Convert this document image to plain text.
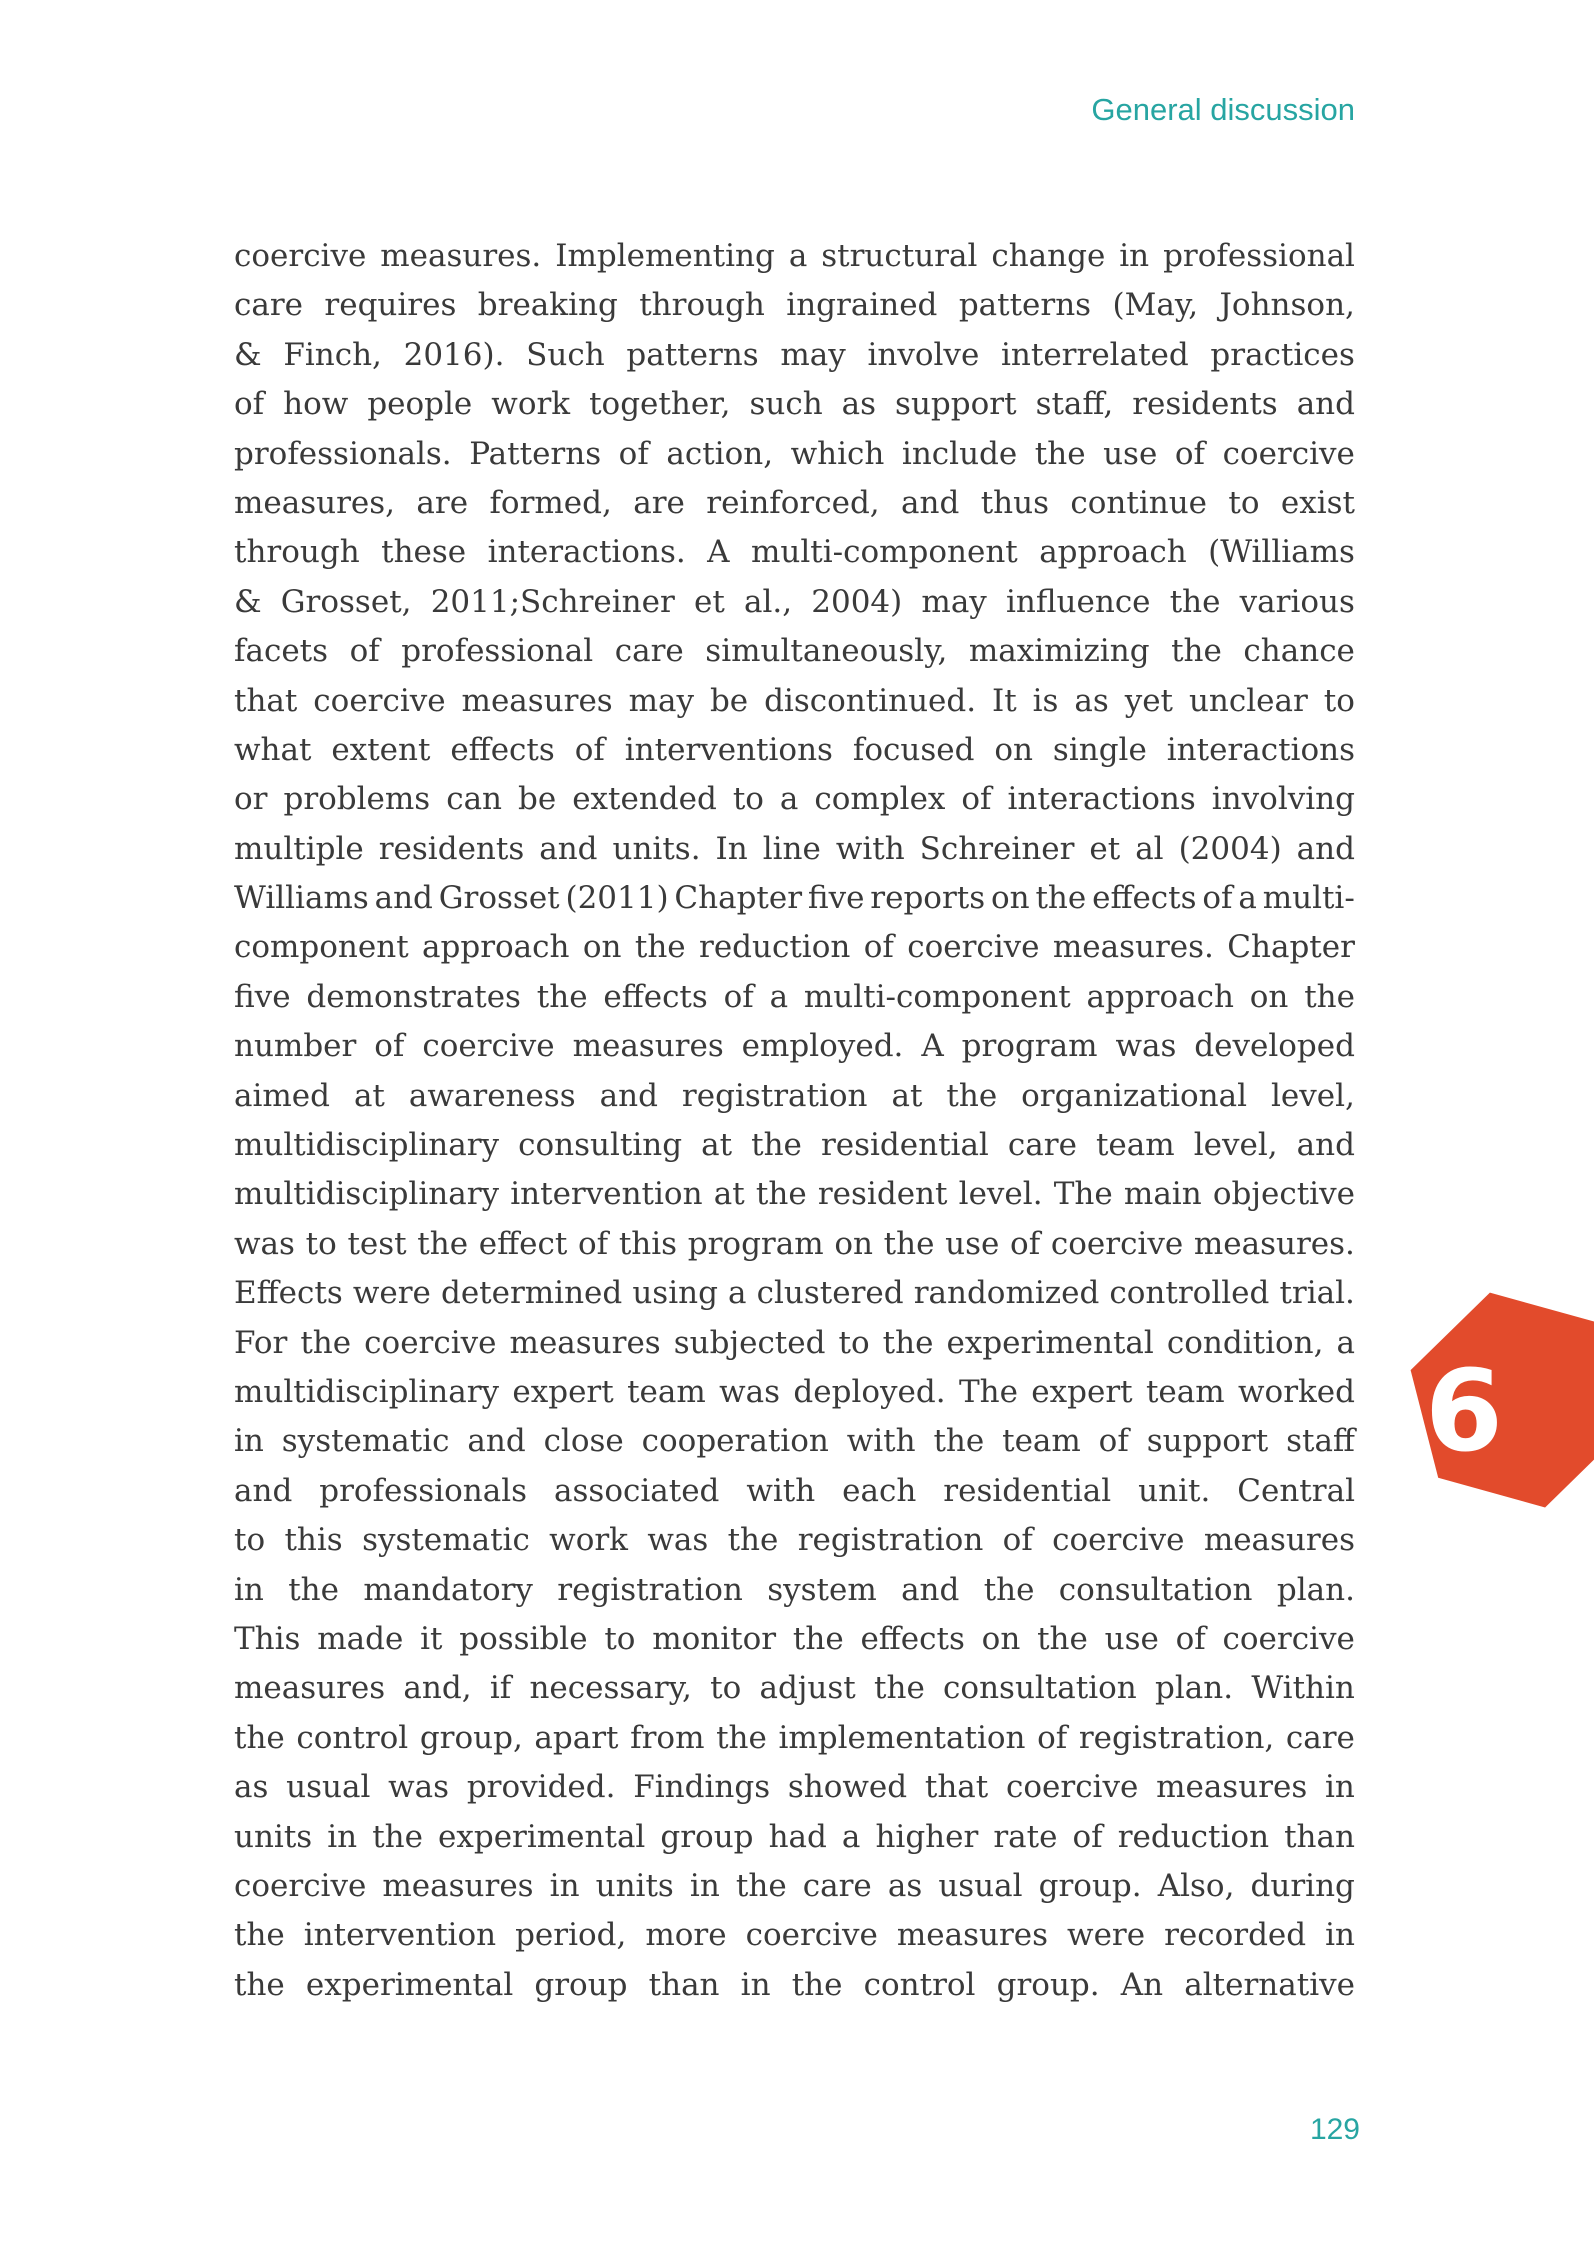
General discussion
coercive measures. Implementing a structural change in professional
care requires breaking through ingrained patterns (May, Johnson,
& Finch, 2016). Such patterns may involve interrelated practices
of how people work together, such as support staff, residents and
professionals. Patterns of action, which include the use of coercive
measures, are formed, are reinforced, and thus continue to exist
through these interactions. A multi-component approach (Williams
& Grosset, 2011;Schreiner et al., 2004) may influence the various
facets of professional care simultaneously, maximizing the chance
that coercive measures may be discontinued. It is as yet unclear to
what extent effects of interventions focused on single interactions
or problems can be extended to a complex of interactions involving
multiple residents and units. In line with Schreiner et al (2004) and
Williams and Grosset (2011) Chapter five reports on the effects of a multi-
component approach on the reduction of coercive measures. Chapter
five demonstrates the effects of a multi-component approach on the
number of coercive measures employed. A program was developed
aimed at awareness and registration at the organizational level,
multidisciplinary consulting at the residential care team level, and
multidisciplinary intervention at the resident level. The main objective
was to test the effect of this program on the use of coercive measures.
Effects were determined using a clustered randomized controlled trial.
For the coercive measures subjected to the experimental condition, a
multidisciplinary expert team was deployed. The expert team worked
in systematic and close cooperation with the team of support staff
and professionals associated with each residential unit. Central
to this systematic work was the registration of coercive measures
in the mandatory registration system and the consultation plan.
This made it possible to monitor the effects on the use of coercive
measures and, if necessary, to adjust the consultation plan. Within
the control group, apart from the implementation of registration, care
as usual was provided. Findings showed that coercive measures in
units in the experimental group had a higher rate of reduction than
coercive measures in units in the care as usual group. Also, during
the intervention period, more coercive measures were recorded in
the experimental group than in the control group. An alternative
6
129
